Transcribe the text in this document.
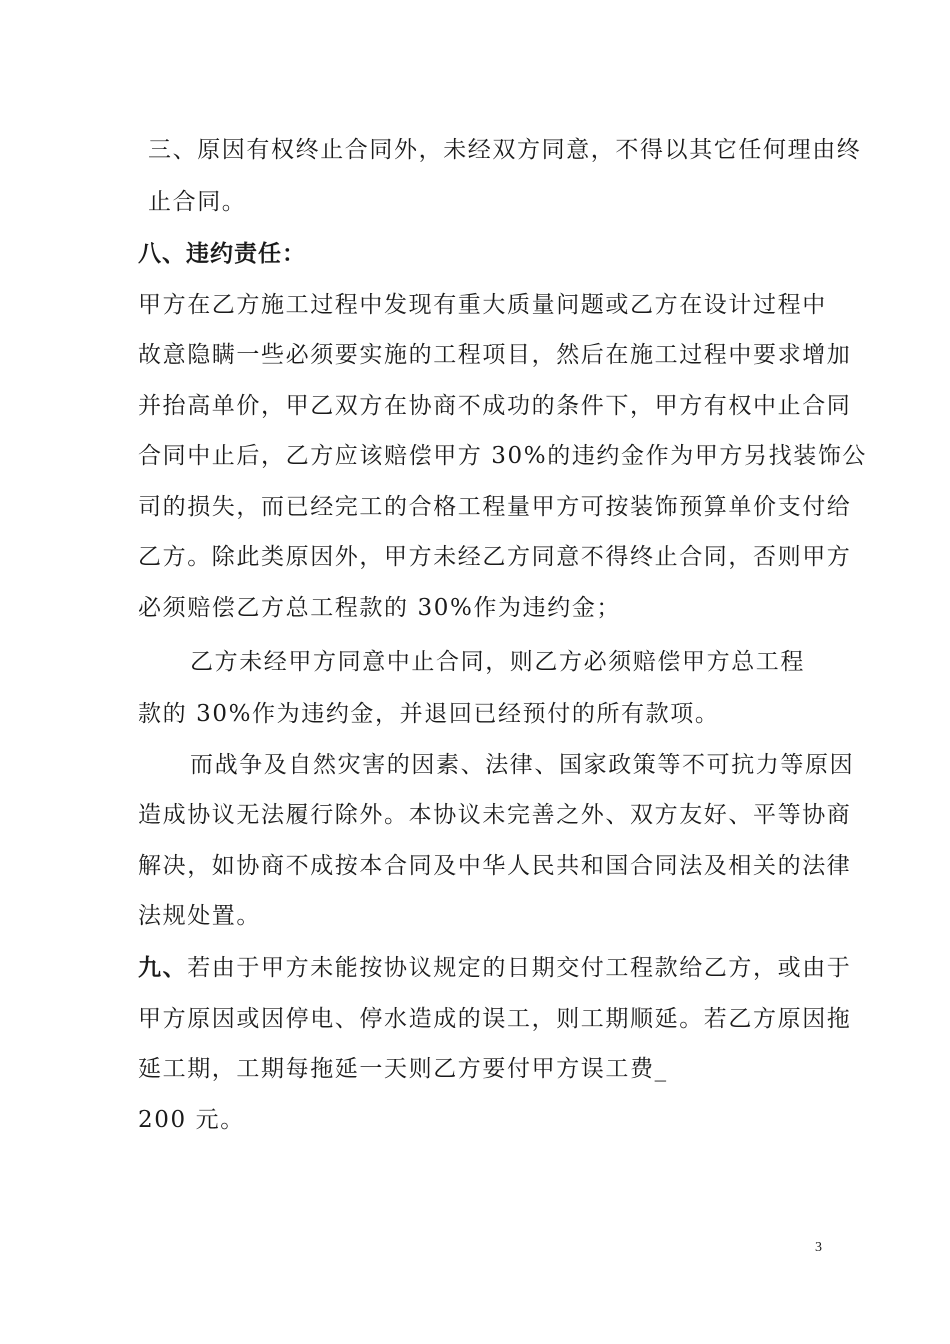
三、原因有权终止合同外，未经双方同意，不得以其它任何理由终
止合同。
八、违约责任：
甲方在乙方施工过程中发现有重大质量问题或乙方在设计过程中
故意隐瞒一些必须要实施的工程项目，然后在施工过程中要求增加
并抬高单价，甲乙双方在协商不成功的条件下，甲方有权中止合同
合同中止后，乙方应该赔偿甲方 30%的违约金作为甲方另找装饰公
司的损失，而已经完工的合格工程量甲方可按装饰预算单价支付给
乙方。除此类原因外，甲方未经乙方同意不得终止合同，否则甲方
必须赔偿乙方总工程款的 30%作为违约金；
乙方未经甲方同意中止合同，则乙方必须赔偿甲方总工程
款的 30%作为违约金，并退回已经预付的所有款项。
而战争及自然灾害的因素、法律、国家政策等不可抗力等原因
造成协议无法履行除外。本协议未完善之外、双方友好、平等协商
解决，如协商不成按本合同及中华人民共和国合同法及相关的法律
法规处置。
九、若由于甲方未能按协议规定的日期交付工程款给乙方，或由于
甲方原因或因停电、停水造成的误工，则工期顺延。若乙方原因拖
延工期，工期每拖延一天则乙方要付甲方误工费_
200 元。
3
